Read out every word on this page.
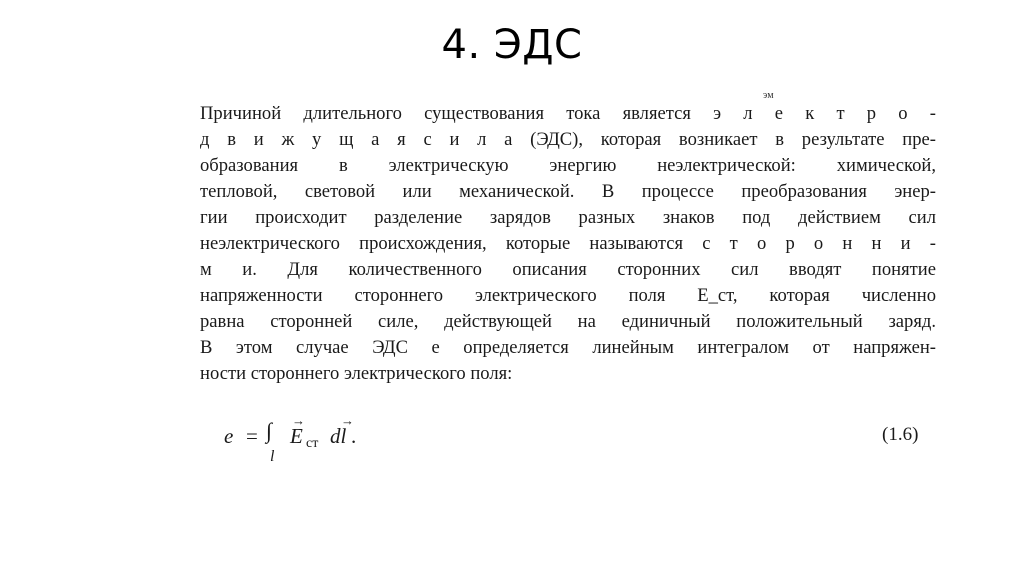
4. ЭДС
эм
Причиной длительного существования тока является э л е к т р о -
д в и ж у щ а я с и л а (ЭДС), которая возникает в результате пре-
образования в электрическую энергию неэлектрической: химической,
тепловой, световой или механической. В процессе преобразования энер-
гии происходит разделение зарядов разных знаков под действием сил
неэлектрического происхождения, которые называются с т о р о н н и -
м и. Для количественного описания сторонних сил вводят понятие
напряженности стороннего электрического поля E_ст, которая численно
равна сторонней силе, действующей на единичный положительный заряд.
В этом случае ЭДС e определяется линейным интегралом от напряжен-
ности стороннего электрического поля:
e = ∫
l
→
E ст
→
dl .	(1.6)
